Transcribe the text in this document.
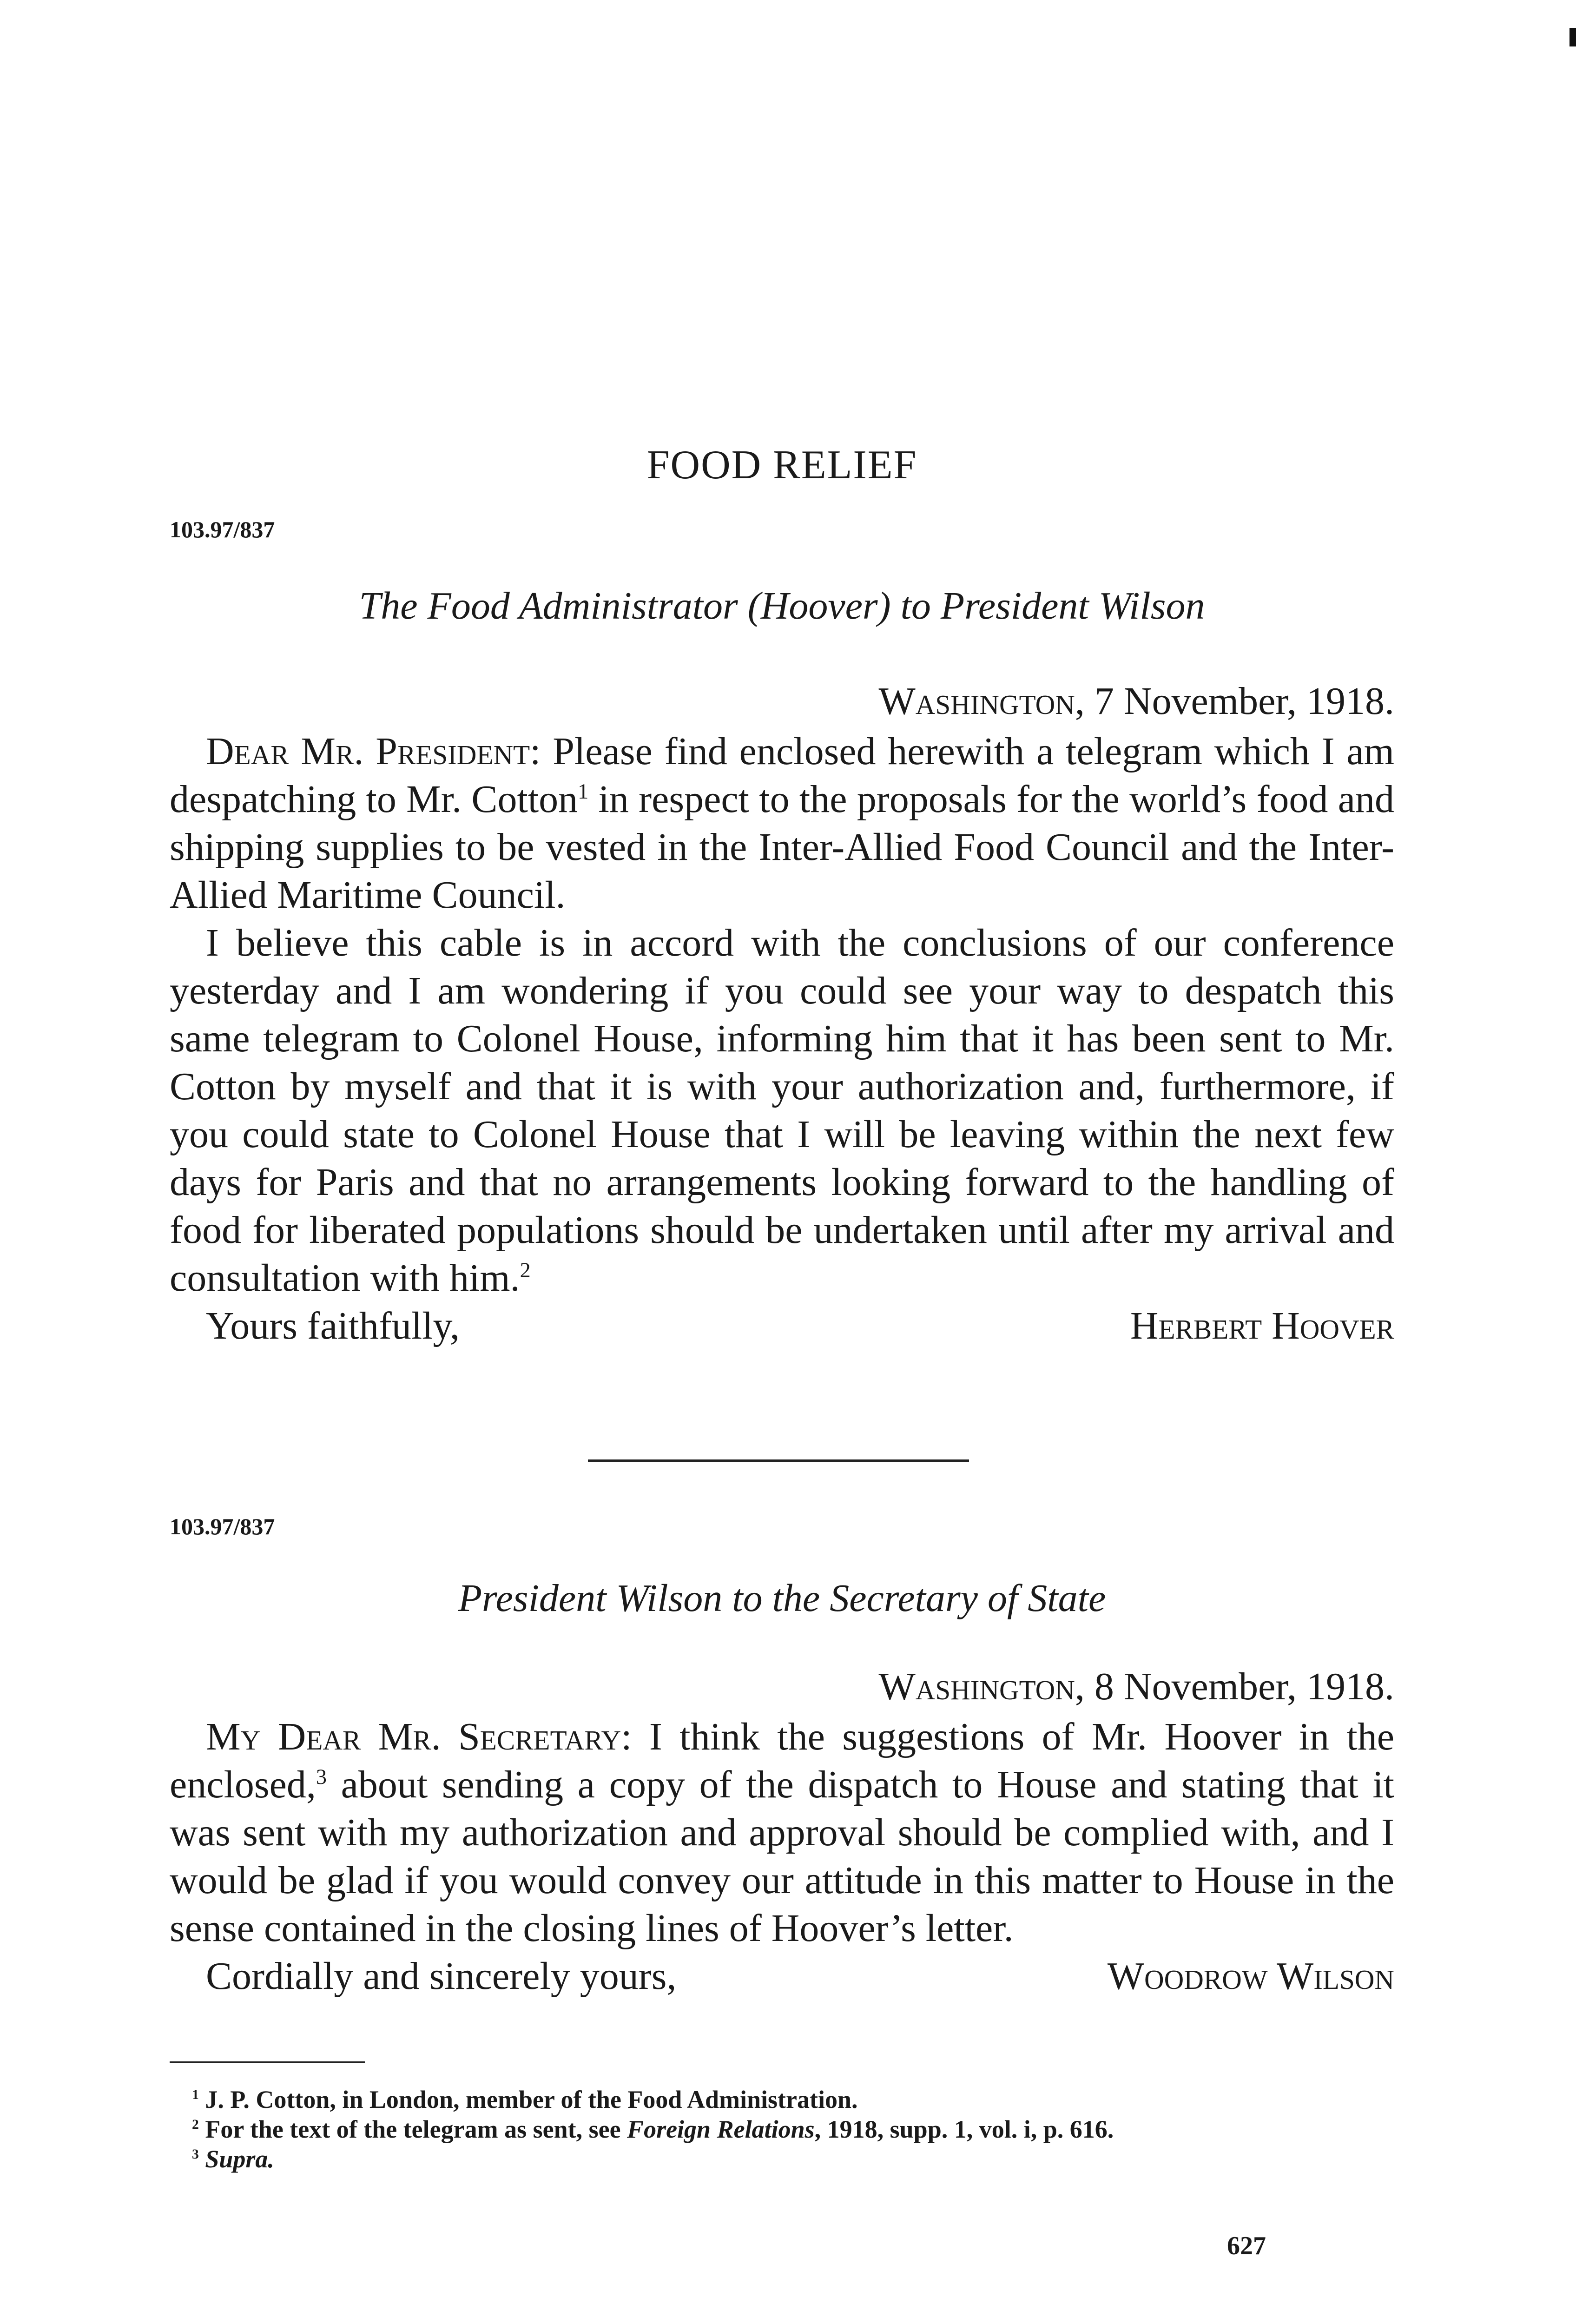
FOOD RELIEF
103.97/837
The Food Administrator (Hoover) to President Wilson
Washington, 7 November, 1918.

Dear Mr. President: Please find enclosed herewith a telegram which I am despatching to Mr. Cotton$^1$ in respect to the proposals for the world’s food and shipping supplies to be vested in the Inter-Allied Food Council and the Inter-Allied Maritime Council.

I believe this cable is in accord with the conclusions of our conference yesterday and I am wondering if you could see your way to despatch this same telegram to Colonel House, informing him that it has been sent to Mr. Cotton by myself and that it is with your authorization and, furthermore, if you could state to Colonel House that I will be leaving within the next few days for Paris and that no arrangements looking forward to the handling of food for liberated populations should be undertaken until after my arrival and consultation with him.$^2$

Yours faithfully,	Herbert Hoover
103.97/837
President Wilson to the Secretary of State
Washington, 8 November, 1918.

My Dear Mr. Secretary: I think the suggestions of Mr. Hoover in the enclosed,$^3$ about sending a copy of the dispatch to House and stating that it was sent with my authorization and approval should be complied with, and I would be glad if you would convey our attitude in this matter to House in the sense contained in the closing lines of Hoover’s letter.

Cordially and sincerely yours,	Woodrow Wilson

$^1$ J. P. Cotton, in London, member of the Food Administration.

$^2$ For the text of the telegram as sent, see Foreign Relations, 1918, supp. 1, vol. i, p. 616.

$^3$ Supra.

627
